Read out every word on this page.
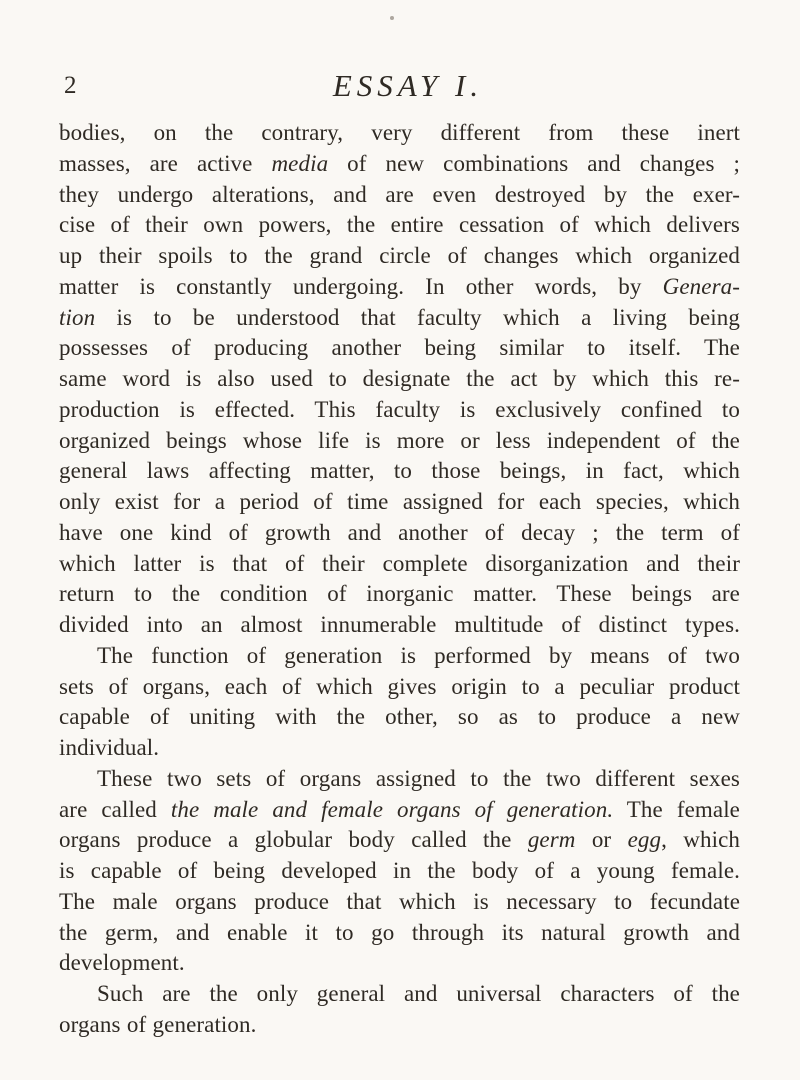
2	ESSAY I.
bodies, on the contrary, very different from these inert
masses, are active media of new combinations and changes ;
they undergo alterations, and are even destroyed by the exer-
cise of their own powers, the entire cessation of which delivers
up their spoils to the grand circle of changes which organized
matter is constantly undergoing. In other words, by Genera-
tion is to be understood that faculty which a living being
possesses of producing another being similar to itself. The
same word is also used to designate the act by which this re-
production is effected. This faculty is exclusively confined to
organized beings whose life is more or less independent of the
general laws affecting matter, to those beings, in fact, which
only exist for a period of time assigned for each species, which
have one kind of growth and another of decay ; the term of
which latter is that of their complete disorganization and their
return to the condition of inorganic matter. These beings are
divided into an almost innumerable multitude of distinct types.
The function of generation is performed by means of two
sets of organs, each of which gives origin to a peculiar product
capable of uniting with the other, so as to produce a new
individual.
These two sets of organs assigned to the two different sexes
are called the male and female organs of generation. The female
organs produce a globular body called the germ or egg, which
is capable of being developed in the body of a young female.
The male organs produce that which is necessary to fecundate
the germ, and enable it to go through its natural growth and
development.
Such are the only general and universal characters of the
organs of generation.
